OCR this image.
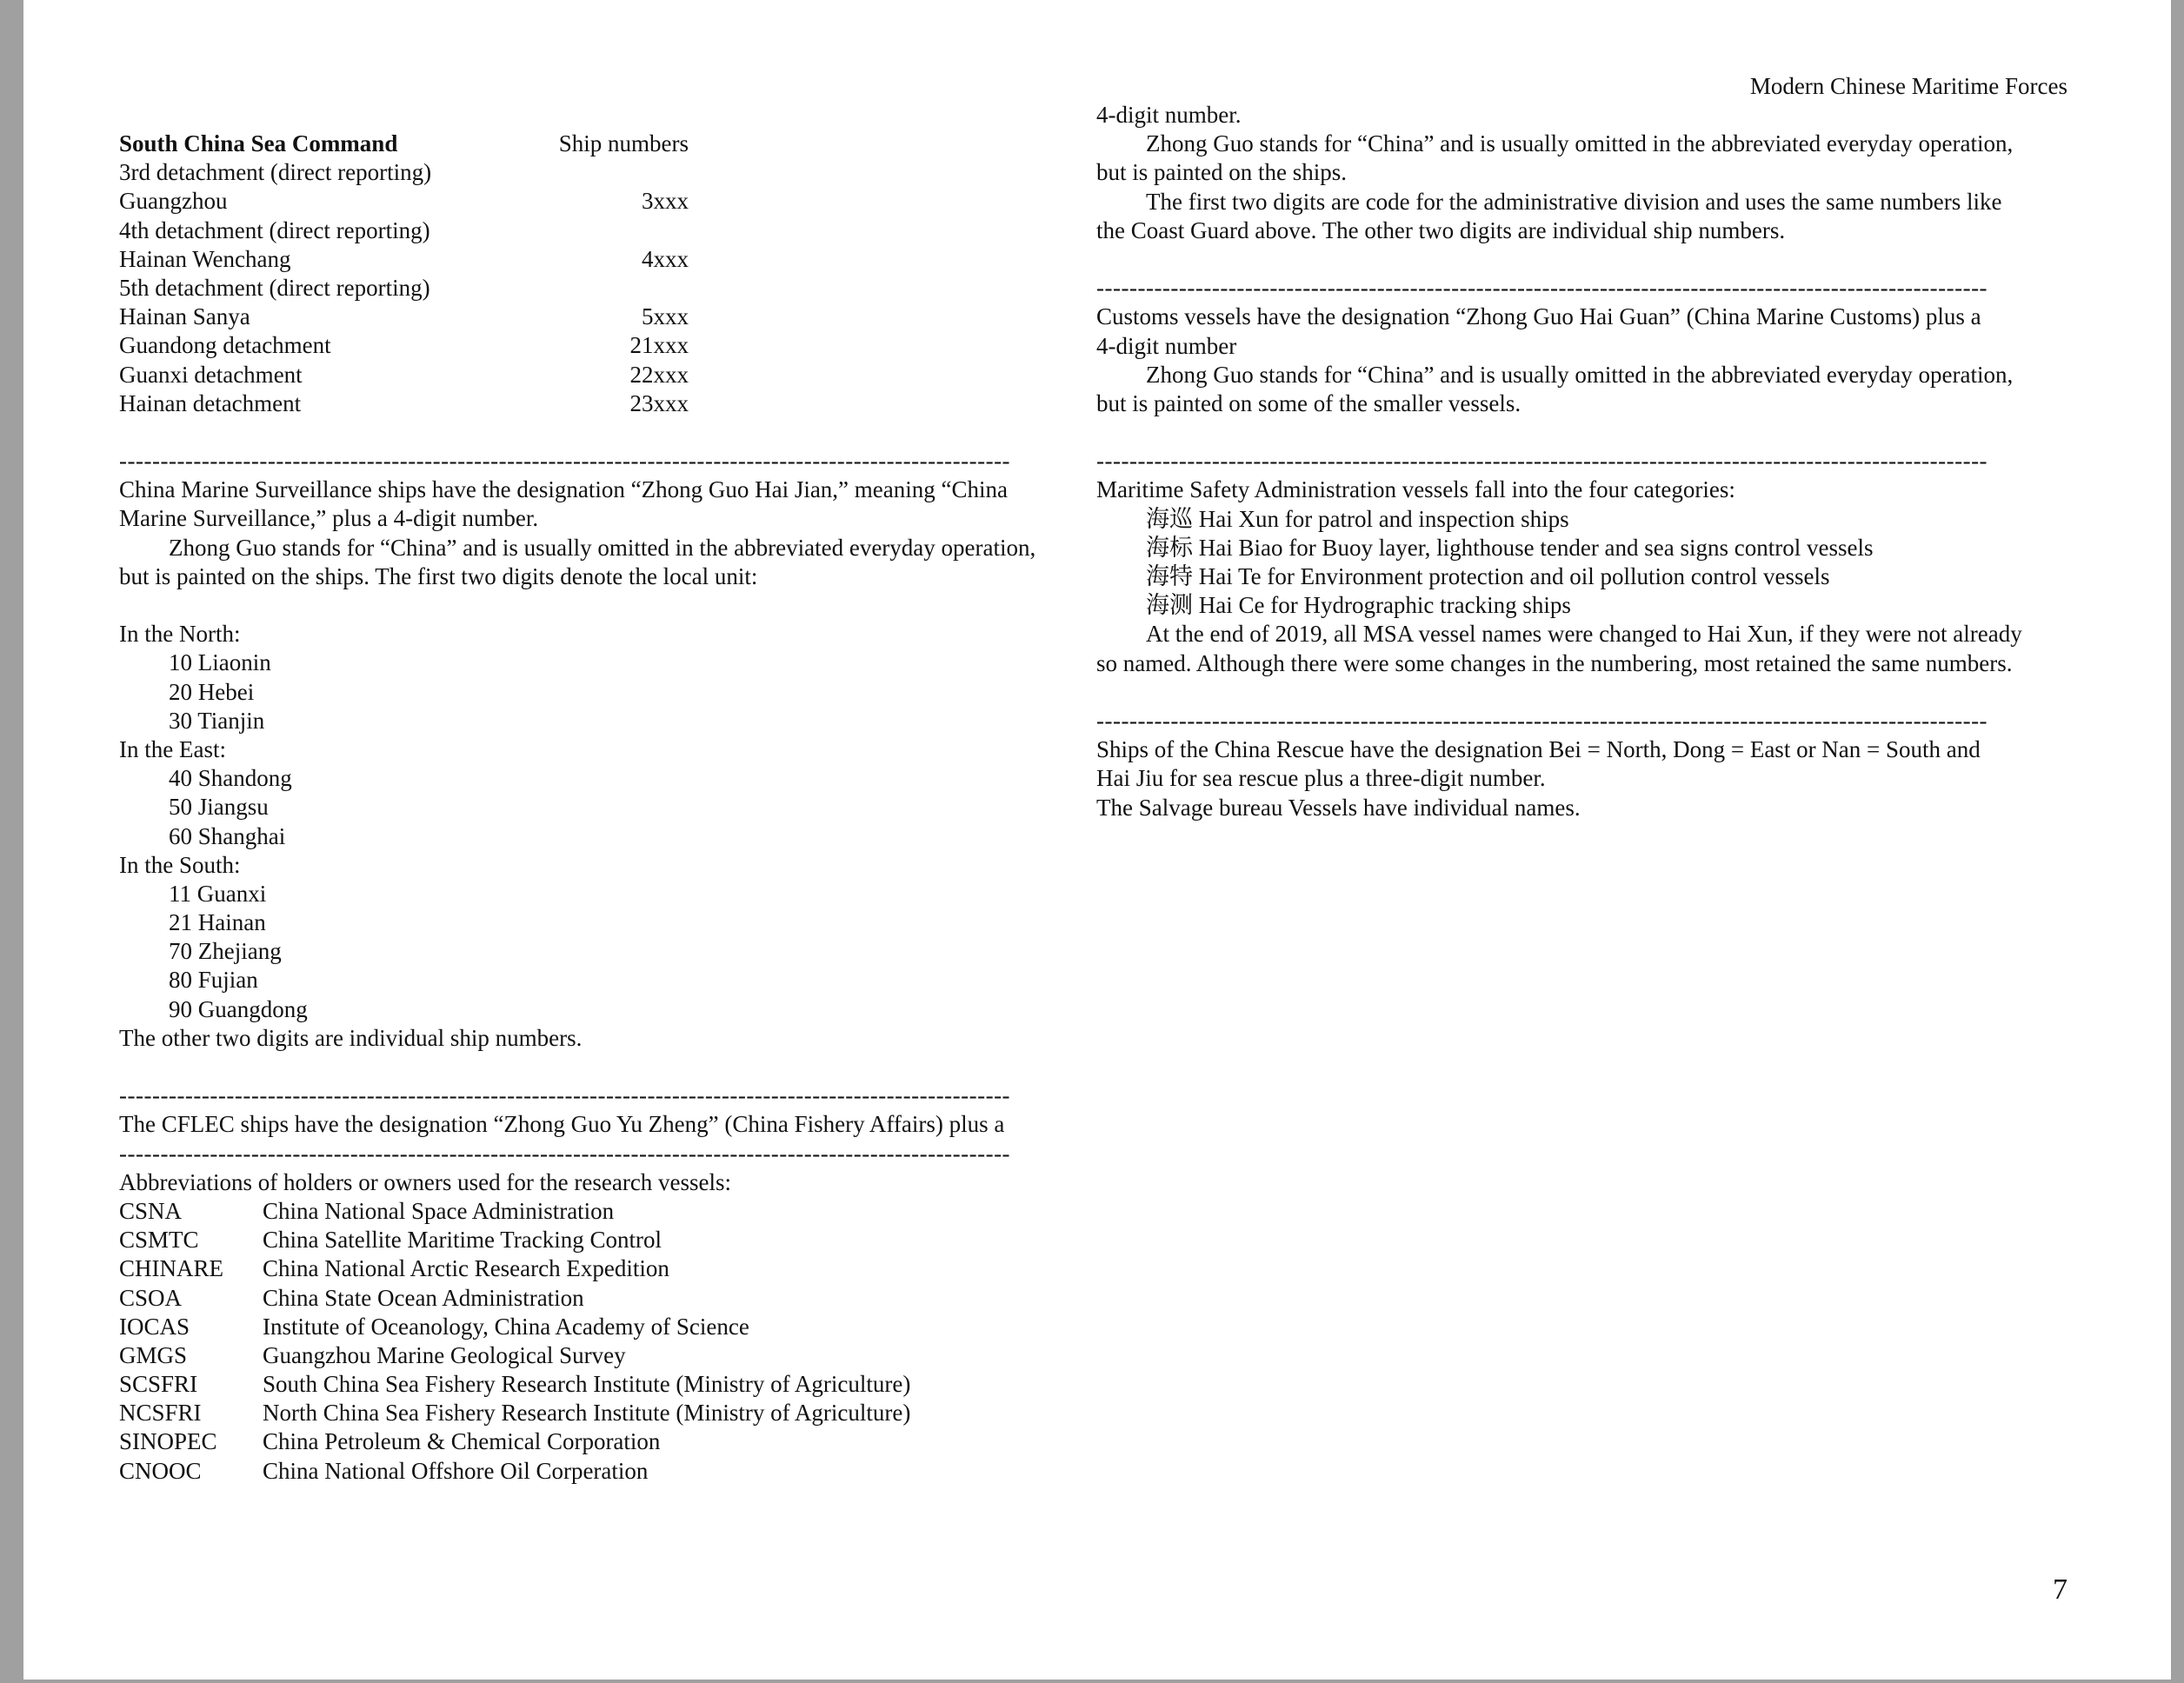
Modern Chinese Maritime Forces
South China Sea Command	Ship numbers
3rd detachment (direct reporting)
Guangzhou	3xxx
4th detachment (direct reporting)
Hainan Wenchang	4xxx
5th detachment (direct reporting)
Hainan Sanya	5xxx
Guandong detachment	21xxx
Guanxi detachment	22xxx
Hainan detachment	23xxx
------------------------------------------------------------------------------------------------------------
China Marine Surveillance ships have the designation “Zhong Guo Hai Jian,” meaning “China
Marine Surveillance,” plus a 4-digit number.
Zhong Guo stands for “China” and is usually omitted in the abbreviated everyday operation,
but is painted on the ships. The first two digits denote the local unit:
In the North:
10 Liaonin
20 Hebei
30 Tianjin
In the East:
40 Shandong
50 Jiangsu
60 Shanghai
In the South:
11 Guanxi
21 Hainan
70 Zhejiang
80 Fujian
90 Guangdong
The other two digits are individual ship numbers.
------------------------------------------------------------------------------------------------------------
The CFLEC ships have the designation “Zhong Guo Yu Zheng” (China Fishery Affairs) plus a
------------------------------------------------------------------------------------------------------------
Abbreviations of holders or owners used for the research vessels:
CSNA	China National Space Administration
CSMTC	China Satellite Maritime Tracking Control
CHINARE	China National Arctic Research Expedition
CSOA	China State Ocean Administration
IOCAS	Institute of Oceanology, China Academy of Science
GMGS	Guangzhou Marine Geological Survey
SCSFRI	South China Sea Fishery Research Institute (Ministry of Agriculture)
NCSFRI	North China Sea Fishery Research Institute (Ministry of Agriculture)
SINOPEC	China Petroleum & Chemical Corporation
CNOOC	China National Offshore Oil Corperation
4-digit number.
Zhong Guo stands for “China” and is usually omitted in the abbreviated everyday operation,
but is painted on the ships.
The first two digits are code for the administrative division and uses the same numbers like
the Coast Guard above. The other two digits are individual ship numbers.
------------------------------------------------------------------------------------------------------------
Customs vessels have the designation “Zhong Guo Hai Guan” (China Marine Customs) plus a
4-digit number
Zhong Guo stands for “China” and is usually omitted in the abbreviated everyday operation,
but is painted on some of the smaller vessels.
------------------------------------------------------------------------------------------------------------
Maritime Safety Administration vessels fall into the four categories:
海巡 Hai Xun for patrol and inspection ships
海标 Hai Biao for Buoy layer, lighthouse tender and sea signs control vessels
海特 Hai Te for Environment protection and oil pollution control vessels
海测 Hai Ce for Hydrographic tracking ships
At the end of 2019, all MSA vessel names were changed to Hai Xun, if they were not already
so named. Although there were some changes in the numbering, most retained the same numbers.
------------------------------------------------------------------------------------------------------------
Ships of the China Rescue have the designation Bei = North, Dong = East or Nan = South and
Hai Jiu for sea rescue plus a three-digit number.
The Salvage bureau Vessels have individual names.
7
